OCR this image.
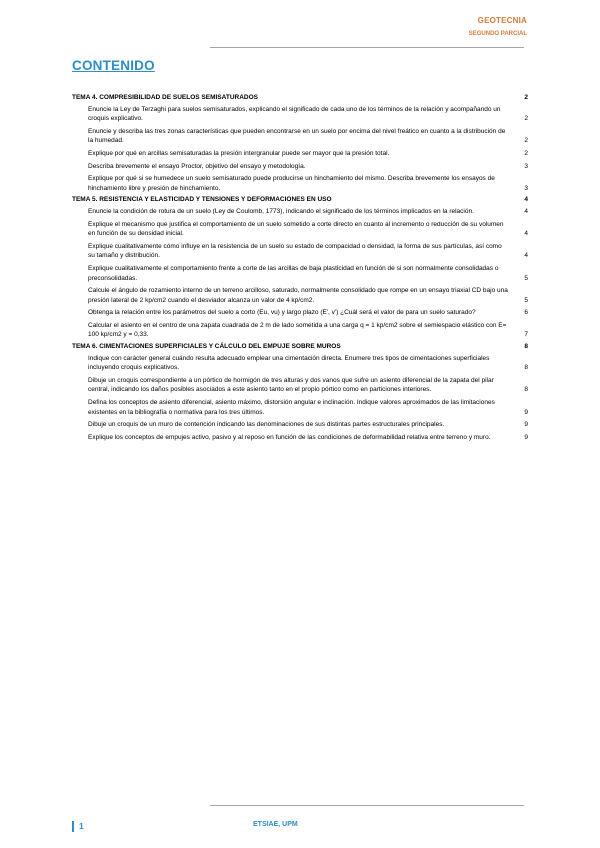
GEOTECNIA
SEGUNDO PARCIAL
CONTENIDO
TEMA 4. COMPRESIBILIDAD DE SUELOS SEMISATURADOS	2
Enuncie la Ley de Terzaghi para suelos semisaturados, explicando el significado de cada uno de los términos de la relación y acompañando un croquis explicativo.	2
Enuncie y describa las tres zonas características que pueden encontrarse en un suelo por encima del nivel freático en cuanto a la distribución de la humedad.	2
Explique por qué en arcillas semisaturadas la presión intergranular puede ser mayor que la presión total.	2
Describa brevemente el ensayo Proctor, objetivo del ensayo y metodología.	3
Explique por qué si se humedece un suelo semisaturado puede producirse un hinchamiento del mismo. Describa brevemente los ensayos de hinchamiento libre y presión de hinchamiento.	3
TEMA 5. RESISTENCIA Y ELASTICIDAD Y TENSIONES Y DEFORMACIONES EN USO	4
Enuncie la condición de rotura de un suelo (Ley de Coulomb, 1773), indicando el significado de los términos implicados en la relación.	4
Explique el mecanismo que justifica el comportamiento de un suelo sometido a corte directo en cuanto al incremento o reducción de su volumen en función de su densidad inicial.	4
Explique cualitativamente cómo influye en la resistencia de un suelo su estado de compacidad o densidad, la forma de sus partículas, así como su tamaño y distribución.	4
Explique cualitativamente el comportamiento frente a corte de las arcillas de baja plasticidad en función de si son normalmente consolidadas o preconsolidadas.	5
Calcule el ángulo de rozamiento interno de un terreno arcilloso, saturado, normalmente consolidado que rompe en un ensayo triaxial CD bajo una presión lateral de 2 kp/cm2 cuando el desviador alcanza un valor de 4 kp/cm2.	5
Obtenga la relación entre los parámetros del suelo a corto (Eu, vu) y largo plazo (E', v') ¿Cuál será el valor de para un suelo saturado?	6
Calcular el asiento en el centro de una zapata cuadrada de 2 m de lado sometida a una carga q = 1 kp/cm2 sobre el semiespacio elástico con E= 100 kp/cm2 y = 0,33.	7
TEMA 6. CIMENTACIONES SUPERFICIALES Y CÁLCULO DEL EMPUJE SOBRE MUROS	8
Indique con carácter general cuándo resulta adecuado emplear una cimentación directa. Enumere tres tipos de cimentaciones superficiales incluyendo croquis explicativos.	8
Dibuje un croquis correspondiente a un pórtico de hormigón de tres alturas y dos vanos que sufre un asiento diferencial de la zapata del pilar central, indicando los daños posibles asociados a este asiento tanto en el propio pórtico como en particiones interiores.	8
Defina los conceptos de asiento diferencial, asiento máximo, distorsión angular e inclinación. Indique valores aproximados de las limitaciones existentes en la bibliografía o normativa para los tres últimos.	9
Dibuje un croquis de un muro de contención indicando las denominaciones de sus distintas partes estructurales principales.	9
Explique los conceptos de empujes activo, pasivo y al reposo en función de las condiciones de deformabilidad relativa entre terreno y muro.	9
1	ETSIAE, UPM
